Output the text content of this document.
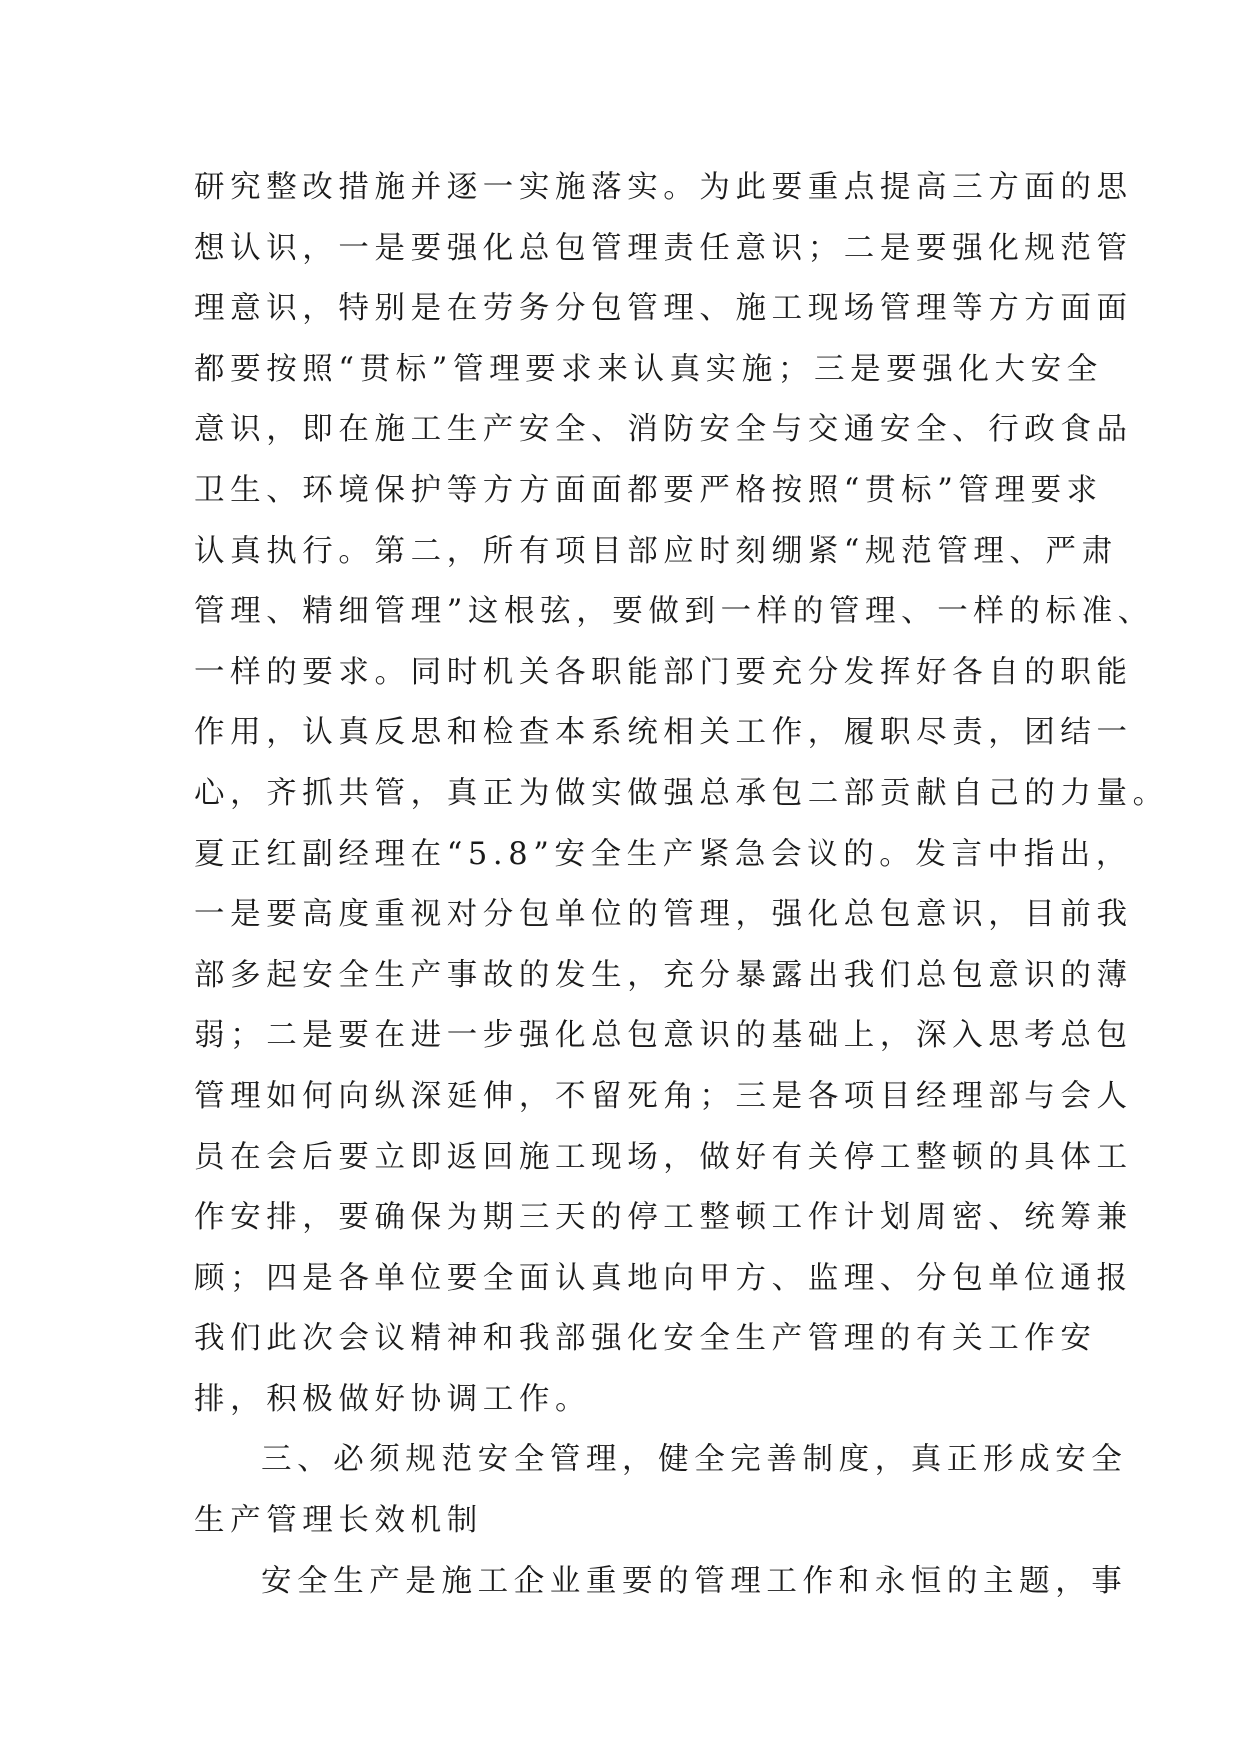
研究整改措施并逐一实施落实。为此要重点提高三方面的思
想认识，一是要强化总包管理责任意识；二是要强化规范管
理意识，特别是在劳务分包管理、施工现场管理等方方面面
都要按照“贯标”管理要求来认真实施；三是要强化大安全
意识，即在施工生产安全、消防安全与交通安全、行政食品
卫生、环境保护等方方面面都要严格按照“贯标”管理要求
认真执行。第二，所有项目部应时刻绷紧“规范管理、严肃
管理、精细管理”这根弦，要做到一样的管理、一样的标准、
一样的要求。同时机关各职能部门要充分发挥好各自的职能
作用，认真反思和检查本系统相关工作，履职尽责，团结一
心，齐抓共管，真正为做实做强总承包二部贡献自己的力量。
夏正红副经理在“5.8”安全生产紧急会议的。发言中指出，
一是要高度重视对分包单位的管理，强化总包意识，目前我
部多起安全生产事故的发生，充分暴露出我们总包意识的薄
弱；二是要在进一步强化总包意识的基础上，深入思考总包
管理如何向纵深延伸，不留死角；三是各项目经理部与会人
员在会后要立即返回施工现场，做好有关停工整顿的具体工
作安排，要确保为期三天的停工整顿工作计划周密、统筹兼
顾；四是各单位要全面认真地向甲方、监理、分包单位通报
我们此次会议精神和我部强化安全生产管理的有关工作安
排，积极做好协调工作。
三、必须规范安全管理，健全完善制度，真正形成安全
生产管理长效机制
安全生产是施工企业重要的管理工作和永恒的主题，事
